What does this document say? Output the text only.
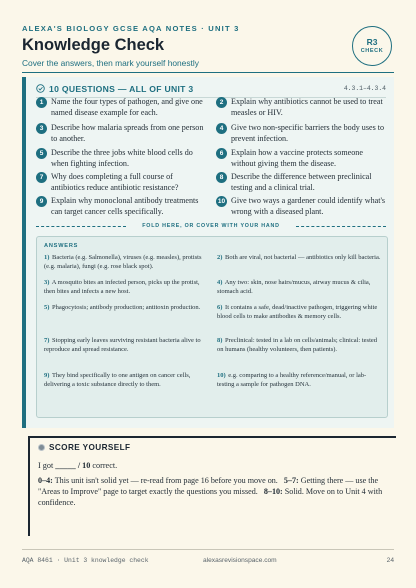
ALEXA'S BIOLOGY GCSE AQA NOTES · UNIT 3
Knowledge Check
Cover the answers, then mark yourself honestly
R3
CHECK
10 QUESTIONS — ALL OF UNIT 3	4.3.1–4.3.4
1 Name the four types of pathogen, and give one named disease example for each.
2 Explain why antibiotics cannot be used to treat measles or HIV.
3 Describe how malaria spreads from one person to another.
4 Give two non-specific barriers the body uses to prevent infection.
5 Describe the three jobs white blood cells do when fighting infection.
6 Explain how a vaccine protects someone without giving them the disease.
7 Why does completing a full course of antibiotics reduce antibiotic resistance?
8 Describe the difference between preclinical testing and a clinical trial.
9 Explain why monoclonal antibody treatments can target cancer cells specifically.
10 Give two ways a gardener could identify what's wrong with a diseased plant.
FOLD HERE, OR COVER WITH YOUR HAND
ANSWERS
1) Bacteria (e.g. Salmonella), viruses (e.g. measles), protists (e.g. malaria), fungi (e.g. rose black spot).
2) Both are viral, not bacterial — antibiotics only kill bacteria.
3) A mosquito bites an infected person, picks up the protist, then bites and infects a new host.
4) Any two: skin, nose hairs/mucus, airway mucus & cilia, stomach acid.
5) Phagocytosis; antibody production; antitoxin production.	6) It contains a safe, dead/inactive pathogen, triggering white blood cells to make antibodies & memory cells.
7) Stopping early leaves surviving resistant bacteria alive to reproduce and spread resistance.
8) Preclinical: tested in a lab on cells/animals; clinical: tested on humans (healthy volunteers, then patients).
9) They bind specifically to one antigen on cancer cells, delivering a toxic substance directly to them.
10) e.g. comparing to a healthy reference/manual, or lab-testing a sample for pathogen DNA.
SCORE YOURSELF
I got _____ / 10 correct.
0–4: This unit isn't solid yet — re-read from page 16 before you move on. 5–7: Getting there — use the "Areas to Improve" page to target exactly the questions you missed. 8–10: Solid. Move on to Unit 4 with confidence.
AQA 8461 · Unit 3 knowledge check	alexasrevisionspace.com	24
